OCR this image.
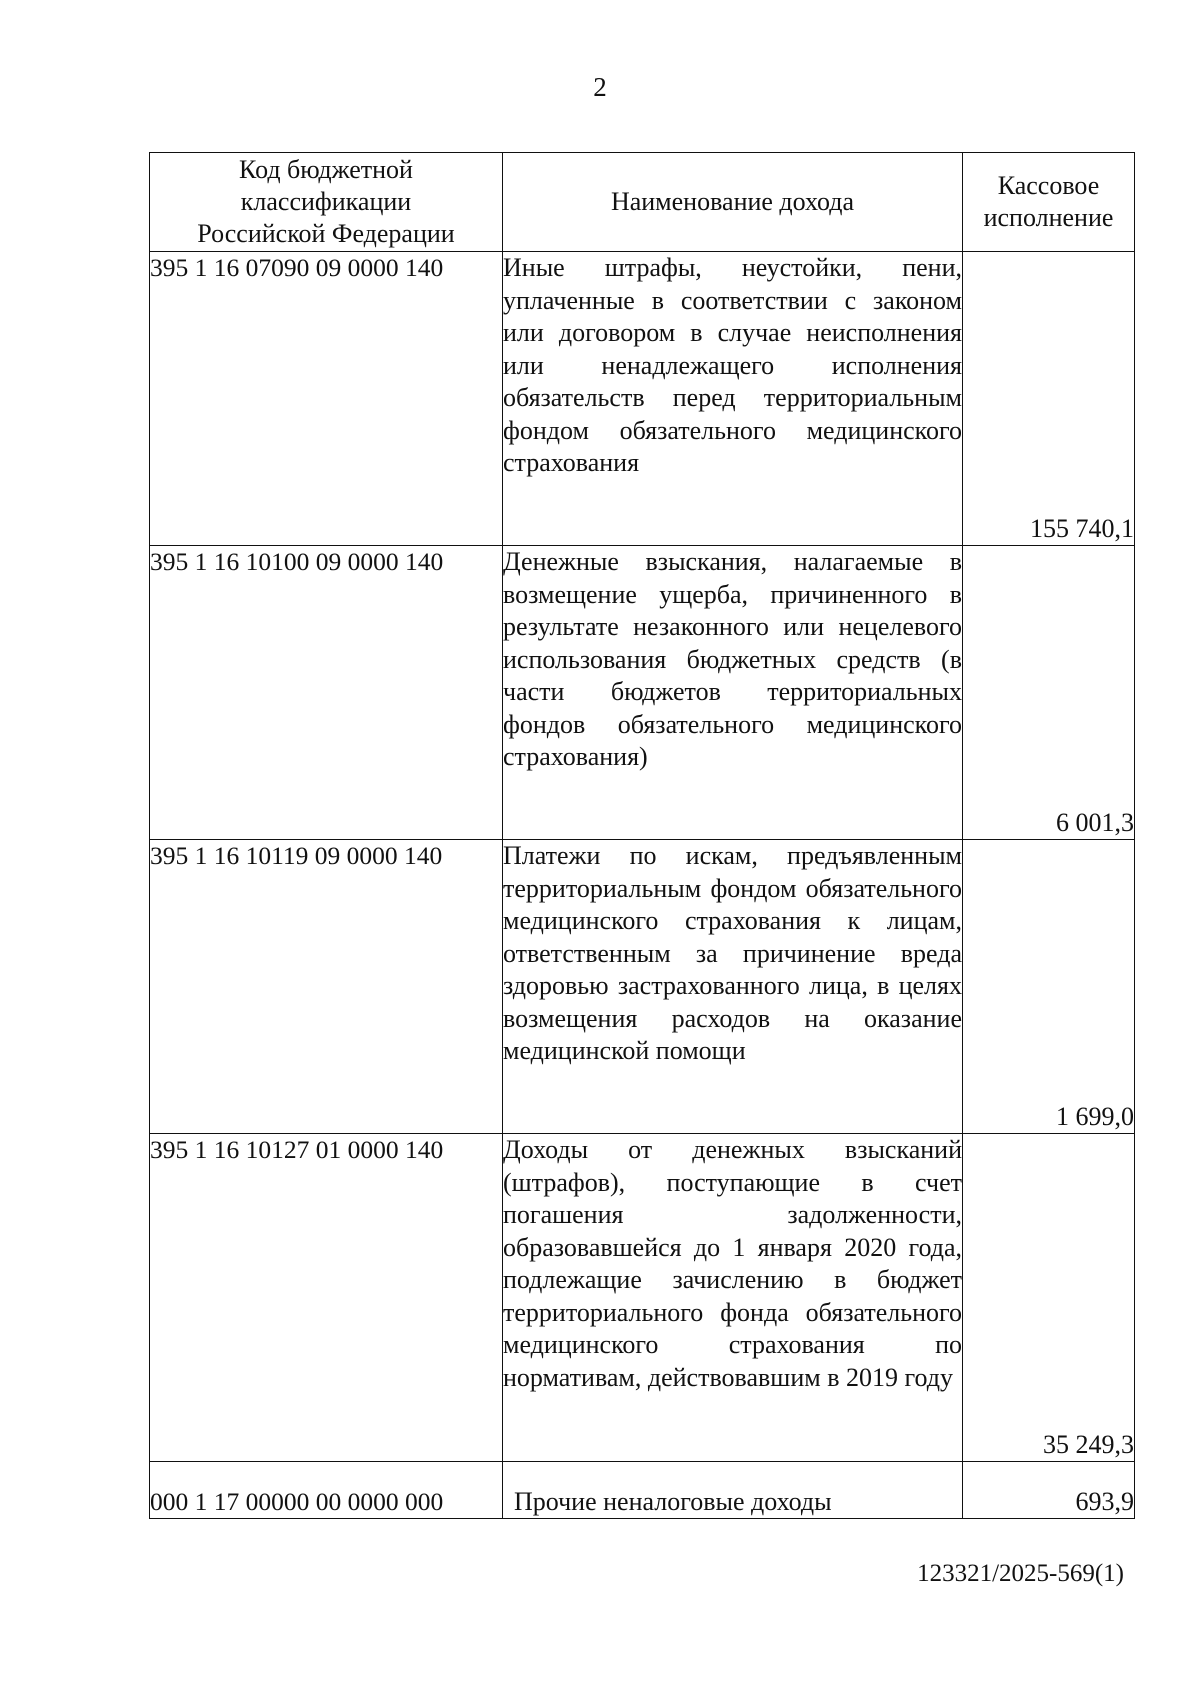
2
Код бюджетной классификации Российской Федерации	Наименование дохода	Кассовое исполнение
395 1 16 07090 09 0000 140	Иные штрафы, неустойки, пени, уплаченные в соответствии с законом или договором в случае неисполнения или ненадлежащего исполнения обязательств перед территориальным фондом обязательного медицинского страхования	155 740,1
395 1 16 10100 09 0000 140	Денежные взыскания, налагаемые в возмещение ущерба, причиненного в результате незаконного или нецелевого использования бюджетных средств (в части бюджетов территориальных фондов обязательного медицинского страхования)	6 001,3
395 1 16 10119 09 0000 140	Платежи по искам, предъявленным территориальным фондом обязательного медицинского страхования к лицам, ответственным за причинение вреда здоровью застрахованного лица, в целях возмещения расходов на оказание медицинской помощи	1 699,0
395 1 16 10127 01 0000 140	Доходы от денежных взысканий (штрафов), поступающие в счет погашения задолженности, образовавшейся до 1 января 2020 года, подлежащие зачислению в бюджет территориального фонда обязательного медицинского страхования по нормативам, действовавшим в 2019 году	35 249,3
000 1 17 00000 00 0000 000	Прочие неналоговые доходы	693,9
123321/2025-569(1)
